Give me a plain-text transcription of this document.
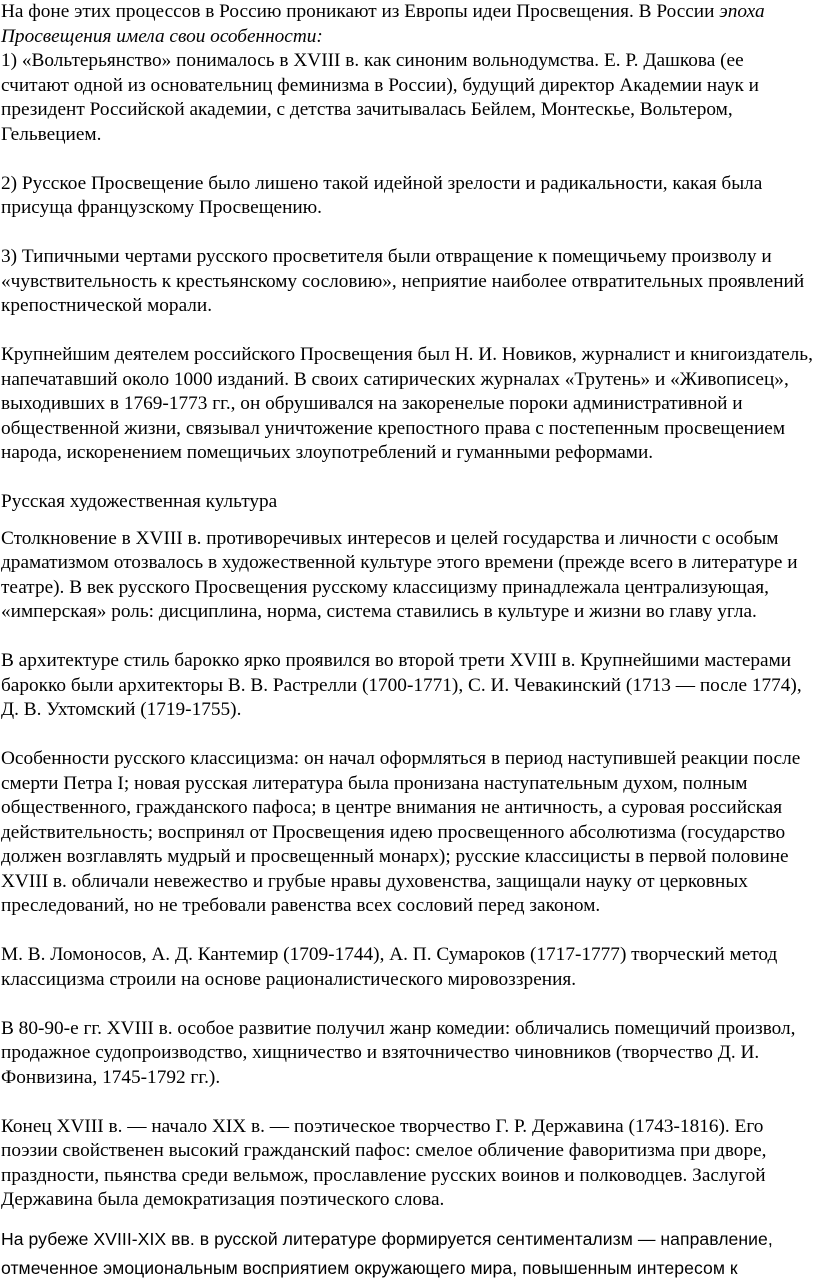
На фоне этих процессов в Россию проникают из Европы идеи Просвещения. В России эпоха Просвещения имела свои особенности:

1) «Вольтерьянство» понималось в XVIII в. как синоним вольнодумства. Е. Р. Дашкова (ее считают одной из основательниц феминизма в России), будущий директор Академии наук и президент Российской академии, с детства зачитывалась Бейлем, Монтескье, Вольтером, Гельвецием.

2) Русское Просвещение было лишено такой идейной зрелости и радикальности, какая была присуща французскому Просвещению.

3) Типичными чертами русского просветителя были отвращение к помещичьему произволу и «чувствительность к крестьянскому сословию», неприятие наиболее отвратительных проявлений крепостнической морали.

Крупнейшим деятелем российского Просвещения был Н. И. Новиков, журналист и книгоиздатель, напечатавший около 1000 изданий. В своих сатирических журналах «Трутень» и «Живописец», выходивших в 1769-1773 гг., он обрушивался на закоренелые пороки административной и общественной жизни, связывал уничтожение крепостного права с постепенным просвещением народа, искоренением помещичьих злоупотреблений и гуманными реформами.

Русская художественная культура

Столкновение в XVIII в. противоречивых интересов и целей государства и личности с особым драматизмом отозвалось в художественной культуре этого времени (прежде всего в литературе и театре). В век русского Просвещения русскому классицизму принадлежала централизующая, «имперская» роль: дисциплина, норма, система ставились в культуре и жизни во главу угла.

В архитектуре стиль барокко ярко проявился во второй трети XVIII в. Крупнейшими мастерами барокко были архитекторы В. В. Растрелли (1700-1771), С. И. Чевакинский (1713 — после 1774), Д. В. Ухтомский (1719-1755).

Особенности русского классицизма: он начал оформляться в период наступившей реакции после смерти Петра I; новая русская литература была пронизана наступательным духом, полным общественного, гражданского пафоса; в центре внимания не античность, а суровая российская действительность; воспринял от Просвещения идею просвещенного абсолютизма (государство должен возглавлять мудрый и просвещенный монарх); русские классицисты в первой половине XVIII в. обличали невежество и грубые нравы духовенства, защищали науку от церковных преследований, но не требовали равенства всех сословий перед законом.

М. В. Ломоносов, А. Д. Кантемир (1709-1744), А. П. Сумароков (1717-1777) творческий метод классицизма строили на основе рационалистического мировоззрения.

В 80-90-е гг. XVIII в. особое развитие получил жанр комедии: обличались помещичий произвол, продажное судопроизводство, хищничество и взяточничество чиновников (творчество Д. И. Фонвизина, 1745-1792 гг.).

Конец XVIII в. — начало XIX в. — поэтическое творчество Г. Р. Державина (1743-1816). Его поэзии свойственен высокий гражданский пафос: смелое обличение фаворитизма при дворе, праздности, пьянства среди вельмож, прославление русских воинов и полководцев. Заслугой Державина была демократизация поэтического слова.

На рубеже XVIII-XIX вв. в русской литературе формируется сентиментализм — направление,
отмеченное эмоциональным восприятием окружающего мира, повышенным интересом к
